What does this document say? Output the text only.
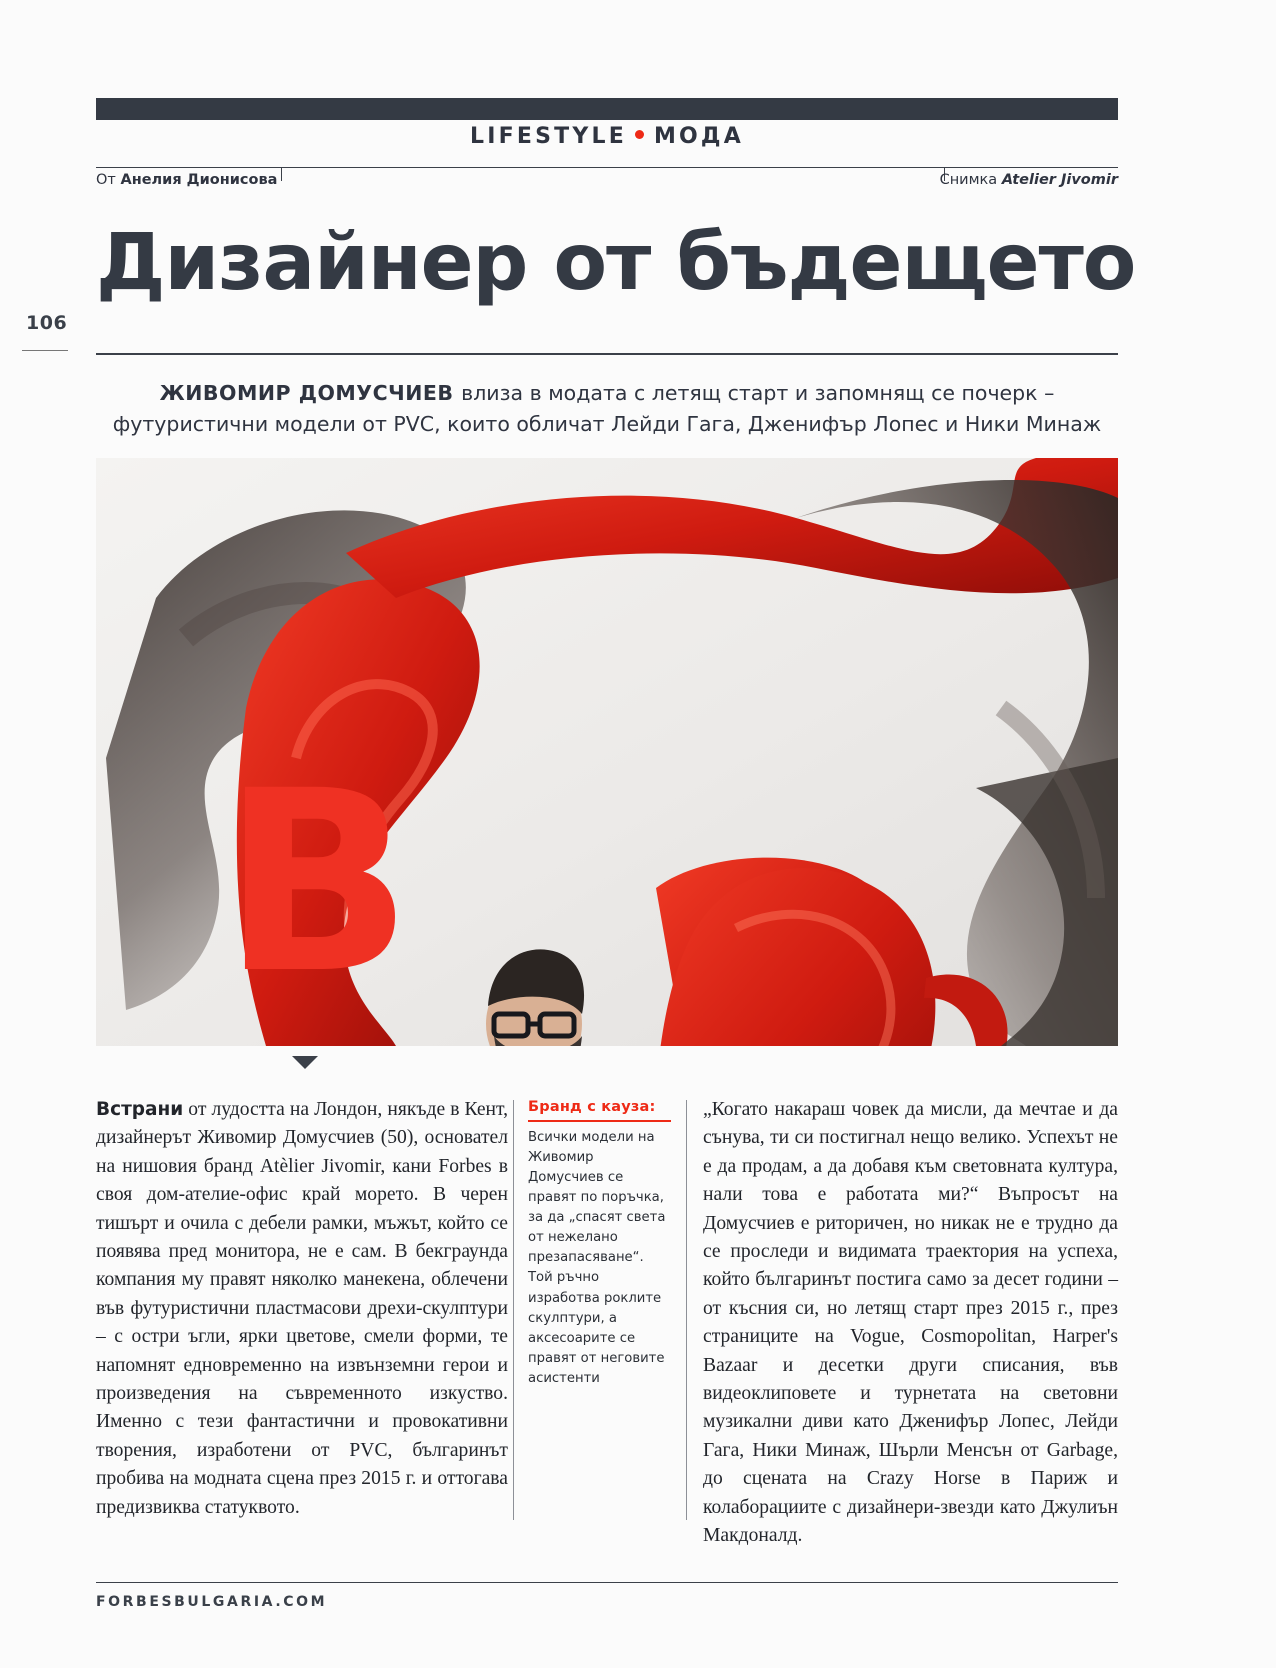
LIFESTYLE МОДА
От Анелия Дионисова	Снимка Atelier Jivomir
106
Дизайнер от бъдещето
ЖИВОМИР ДОМУСЧИЕВ влиза в модата с летящ старт и запомнящ се почерк – футуристични модели от PVC, които обличат Лейди Гага, Дженифър Лопес и Ники Минаж
В
Встрани от лудостта на Лондон, някъде в Кент, дизайнерът Живомир Домусчиев (50), основател на нишовия бранд Atèlier Jivomir, кани Forbes в своя дом-ателие-офис край морето. В черен тишърт и очила с дебели рамки, мъжът, който се появява пред монитора, не е сам. В бекграунда компания му правят няколко манекена, облечени във футуристични пластмасови дрехи-скулптури – с остри ъгли, ярки цветове, смели форми, те напомнят едновременно на извънземни герои и произведения на съвременното изкуство. Именно с тези фантастични и провокативни творения, изработени от PVC, българинът пробива на модната сцена през 2015 г. и оттогава предизвиква статуквото.
Бранд с кауза:
Всички модели на Живомир Домусчиев се правят по поръчка, за да „спасят света от нежелано презапасяване“. Той ръчно изработва роклите скулптури, а аксесоарите се правят от неговите асистенти
„Когато накараш човек да мисли, да мечтае и да сънува, ти си постигнал нещо велико. Успехът не е да продам, а да добавя към световната култура, нали това е работата ми?“ Въпросът на Домусчиев е риторичен, но никак не е трудно да се проследи и видимата траектория на успеха, който българинът постига само за десет години – от късния си, но летящ старт през 2015 г., през страниците на Vogue, Cosmopolitan, Harper's Bazaar и десетки други списания, във видеоклиповете и турнетата на световни музикални диви като Дженифър Лопес, Лейди Гага, Ники Минаж, Шърли Менсън от Garbage, до сцената на Crazy Horse в Париж и колаборациите с дизайнери-звезди като Джулиън Макдоналд.
FORBESBULGARIA.COM
